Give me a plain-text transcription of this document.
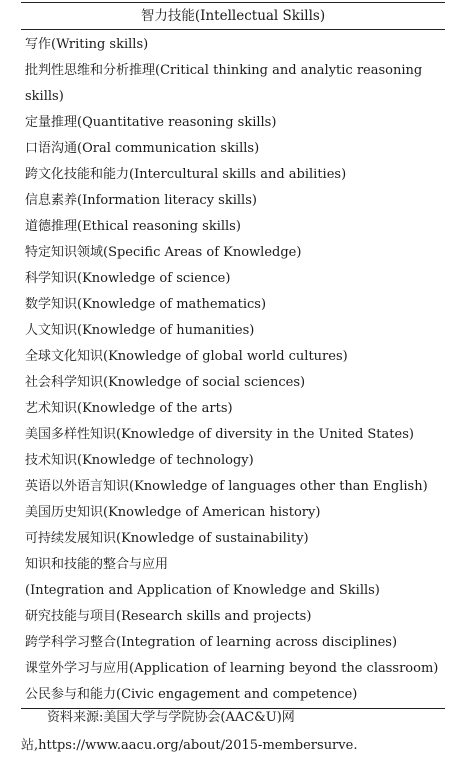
智力技能(Intellectual Skills)
写作(Writing skills)
批判性思维和分析推理(Critical thinking and analytic reasoning skills)
定量推理(Quantitative reasoning skills)
口语沟通(Oral communication skills)
跨文化技能和能力(Intercultural skills and abilities)
信息素养(Information literacy skills)
道德推理(Ethical reasoning skills)
特定知识领域(Specific Areas of Knowledge)
科学知识(Knowledge of science)
数学知识(Knowledge of mathematics)
人文知识(Knowledge of humanities)
全球文化知识(Knowledge of global world cultures)
社会科学知识(Knowledge of social sciences)
艺术知识(Knowledge of the arts)
美国多样性知识(Knowledge of diversity in the United States)
技术知识(Knowledge of technology)
英语以外语言知识(Knowledge of languages other than English)
美国历史知识(Knowledge of American history)
可持续发展知识(Knowledge of sustainability)
知识和技能的整合与应用
(Integration and Application of Knowledge and Skills)
研究技能与项目(Research skills and projects)
跨学科学习整合(Integration of learning across disciplines)
课堂外学习与应用(Application of learning beyond the classroom)
公民参与和能力(Civic engagement and competence)
资料来源:美国大学与学院协会(AAC&U)网站,https://www.aacu.org/about/2015-membersurve.
